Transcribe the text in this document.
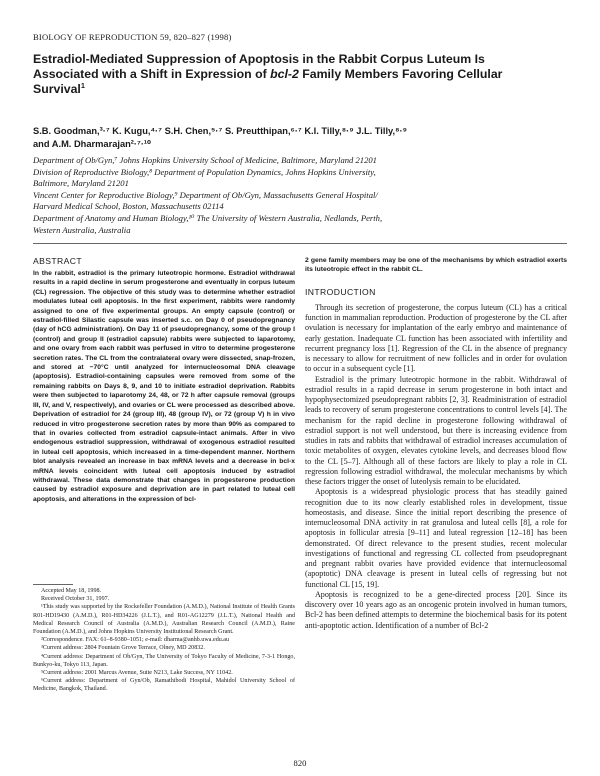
BIOLOGY OF REPRODUCTION 59, 820–827 (1998)
Estradiol-Mediated Suppression of Apoptosis in the Rabbit Corpus Luteum Is Associated with a Shift in Expression of bcl-2 Family Members Favoring Cellular Survival$^1$
S.B. Goodman,³·⁷ K. Kugu,⁴·⁷ S.H. Chen,⁵·⁷ S. Preutthipan,⁶·⁷ K.I. Tilly,⁸·⁹ J.L. Tilly,⁸·⁹
and A.M. Dharmarajan²·⁷·¹⁰
Department of Ob/Gyn,⁷ Johns Hopkins University School of Medicine, Baltimore, Maryland 21201
Division of Reproductive Biology,⁸ Department of Population Dynamics, Johns Hopkins University,
Baltimore, Maryland 21201
Vincent Center for Reproductive Biology,⁹ Department of Ob/Gyn, Massachusetts General Hospital/
Harvard Medical School, Boston, Massachusetts 02114
Department of Anatomy and Human Biology,¹⁰ The University of Western Australia, Nedlands, Perth,
Western Australia, Australia
ABSTRACT

In the rabbit, estradiol is the primary luteotropic hormone. Estradiol withdrawal results in a rapid decline in serum progesterone and eventually in corpus luteum (CL) regression. The objective of this study was to determine whether estradiol modulates luteal cell apoptosis. In the first experiment, rabbits were randomly assigned to one of five experimental groups. An empty capsule (control) or estradiol-filled Silastic capsule was inserted s.c. on Day 0 of pseudopregnancy (day of hCG administration). On Day 11 of pseudopregnancy, some of the group I (control) and group II (estradiol capsule) rabbits were subjected to laparotomy, and one ovary from each rabbit was perfused in vitro to determine progesterone secretion rates. The CL from the contralateral ovary were dissected, snap-frozen, and stored at −70°C until analyzed for internucleosomal DNA cleavage (apoptosis). Estradiol-containing capsules were removed from some of the remaining rabbits on Days 8, 9, and 10 to initiate estradiol deprivation. Rabbits were then subjected to laparotomy 24, 48, or 72 h after capsule removal (groups III, IV, and V, respectively), and ovaries or CL were processed as described above. Deprivation of estradiol for 24 (group III), 48 (group IV), or 72 (group V) h in vivo reduced in vitro progesterone secretion rates by more than 90% as compared to that in ovaries collected from estradiol capsule-intact animals. After in vivo endogenous estradiol suppression, withdrawal of exogenous estradiol resulted in luteal cell apoptosis, which increased in a time-dependent manner. Northern blot analysis revealed an increase in bax mRNA levels and a decrease in bcl-x mRNA levels coincident with luteal cell apoptosis induced by estradiol withdrawal. These data demonstrate that changes in progesterone production caused by estradiol exposure and deprivation are in part related to luteal cell apoptosis, and alterations in the expression of bcl-

2 gene family members may be one of the mechanisms by which estradiol exerts its luteotropic effect in the rabbit CL.

INTRODUCTION

Through its secretion of progesterone, the corpus luteum (CL) has a critical function in mammalian reproduction. Production of progesterone by the CL after ovulation is necessary for implantation of the early embryo and maintenance of early gestation. Inadequate CL function has been associated with infertility and recurrent pregnancy loss [1]. Regression of the CL in the absence of pregnancy is necessary to allow for recruitment of new follicles and in order for ovulation to occur in a subsequent cycle [1].

Estradiol is the primary luteotropic hormone in the rabbit. Withdrawal of estradiol results in a rapid decrease in serum progesterone in both intact and hypophysectomized pseudopregnant rabbits [2, 3]. Readministration of estradiol leads to recovery of serum progesterone concentrations to control levels [4]. The mechanism for the rapid decline in progesterone following withdrawal of estradiol support is not well understood, but there is increasing evidence from studies in rats and rabbits that withdrawal of estradiol increases accumulation of toxic metabolites of oxygen, elevates cytokine levels, and decreases blood flow to the CL [5–7]. Although all of these factors are likely to play a role in CL regression following estradiol withdrawal, the molecular mechanisms by which these factors trigger the onset of luteolysis remain to be elucidated.

Apoptosis is a widespread physiologic process that has steadily gained recognition due to its now clearly established roles in development, tissue homeostasis, and disease. Since the initial report describing the presence of internucleosomal DNA activity in rat granulosa and luteal cells [8], a role for apoptosis in follicular atresia [9–11] and luteal regression [12–18] has been demonstrated. Of direct relevance to the present studies, recent molecular investigations of functional and regressing CL collected from pseudopregnant and pregnant rabbit ovaries have provided evidence that internucleosomal (apoptotic) DNA cleavage is present in luteal cells of regressing but not functional CL [15, 19].

Apoptosis is recognized to be a gene-directed process [20]. Since its discovery over 10 years ago as an oncogenic protein involved in human tumors, Bcl-2 has been defined attempts to determine the biochemical basis for its potent anti-apoptotic action. Identification of a number of Bcl-2

Accepted May 18, 1998.
Received October 31, 1997.
¹This study was supported by the Rockefeller Foundation (A.M.D.), National Institute of Health Grants R01-HD19430 (A.M.D.), R01-HD34226 (J.L.T.), and R01-AG12279 (J.L.T.), National Health and Medical Research Council of Australia (A.M.D.), Australian Research Council (A.M.D.), Raine Foundation (A.M.D.), and Johns Hopkins University Institutional Research Grant.
²Correspondence. FAX: 61–8-9380–1051; e-mail: dharma@anhb.uwa.edu.au
³Current address: 2804 Fountain Grove Terrace, Olney, MD 20832.
⁴Current address: Department of Ob/Gyn, The University of Tokyo Faculty of Medicine, 7-3-1 Hongo, Bunkyo-ku, Tokyo 113, Japan.
⁵Current address: 2001 Marcus Avenue, Suite N213, Lake Success, NY 11042.
⁶Current address: Department of Gyn/Ob, Ramathibodi Hospital, Mahidol University School of Medicine, Bangkok, Thailand.
820
